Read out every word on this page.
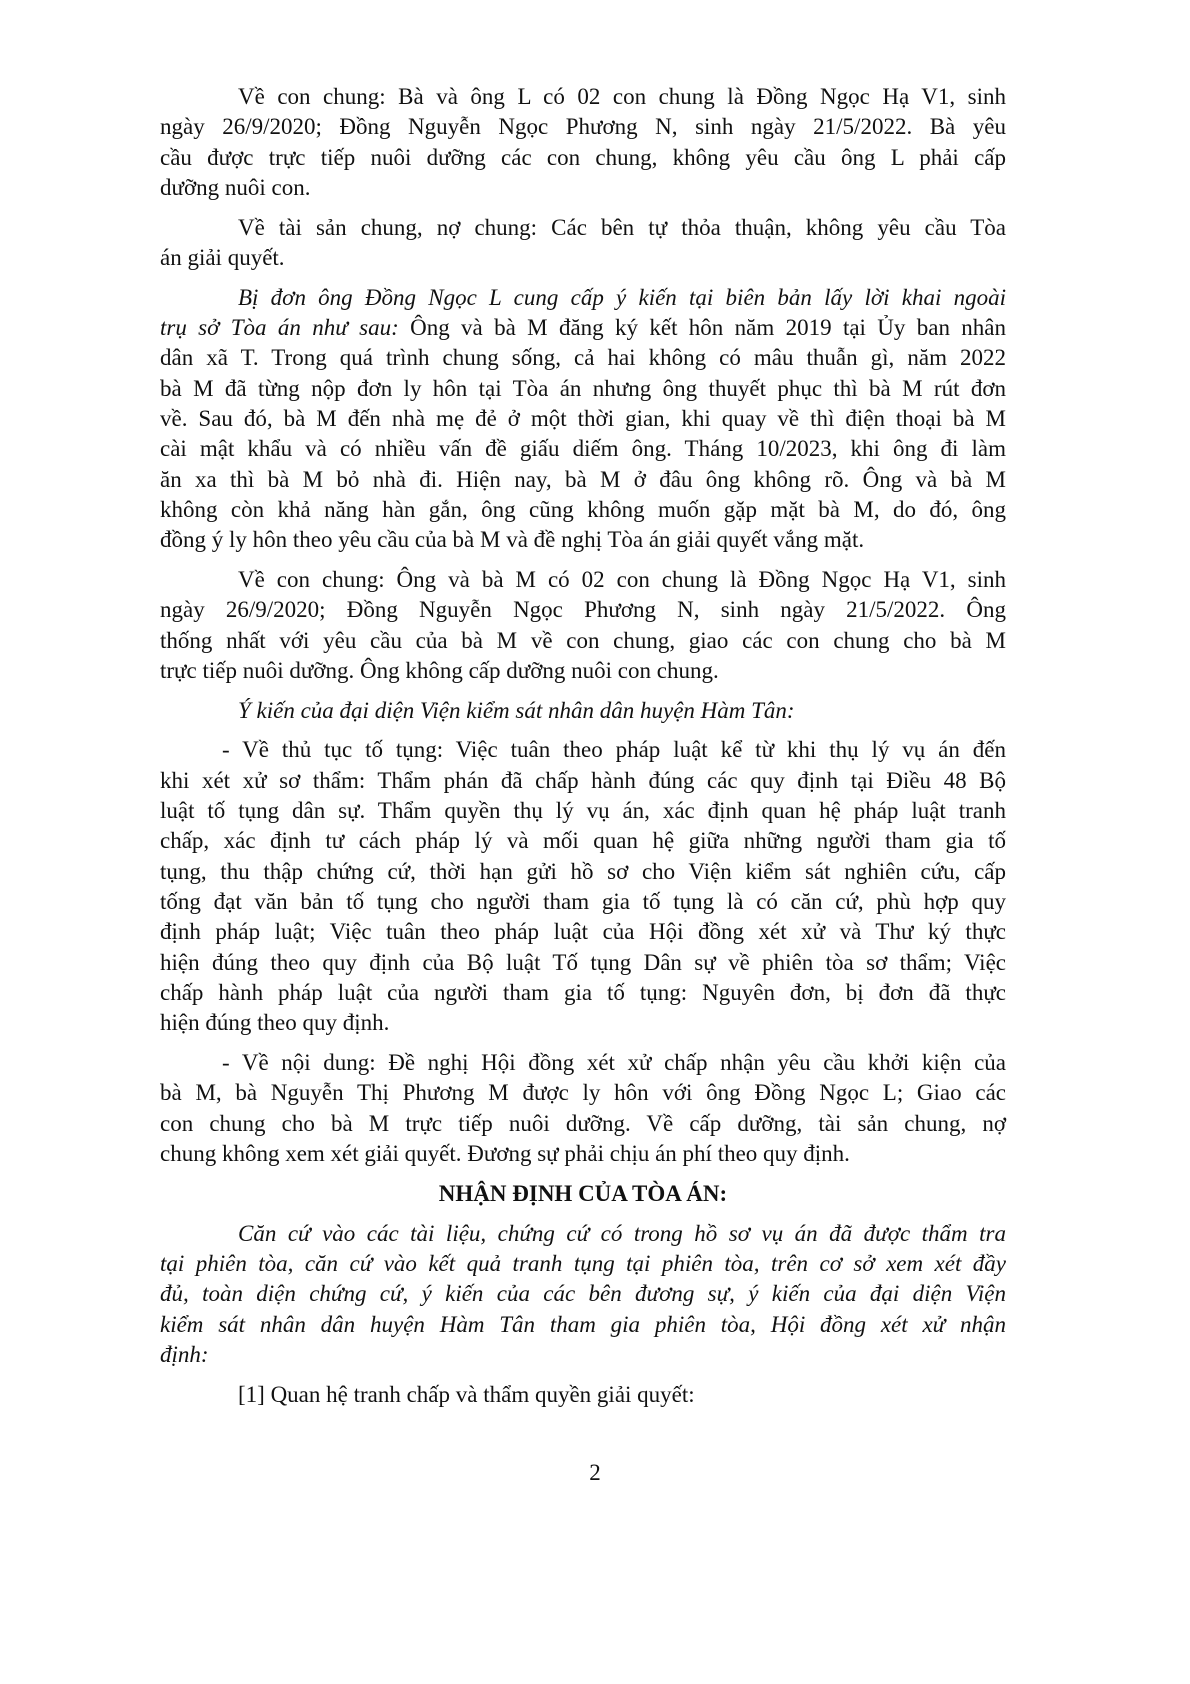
Về con chung: Bà và ông L có 02 con chung là Đồng Ngọc Hạ V1, sinh
ngày 26/9/2020; Đồng Nguyễn Ngọc Phương N, sinh ngày 21/5/2022. Bà yêu
cầu được trực tiếp nuôi dưỡng các con chung, không yêu cầu ông L phải cấp
dưỡng nuôi con.
Về tài sản chung, nợ chung: Các bên tự thỏa thuận, không yêu cầu Tòa
án giải quyết.
Bị đơn ông Đồng Ngọc L cung cấp ý kiến tại biên bản lấy lời khai ngoài
trụ sở Tòa án như sau: Ông và bà M đăng ký kết hôn năm 2019 tại Ủy ban nhân
dân xã T. Trong quá trình chung sống, cả hai không có mâu thuẫn gì, năm 2022
bà M đã từng nộp đơn ly hôn tại Tòa án nhưng ông thuyết phục thì bà M rút đơn
về. Sau đó, bà M đến nhà mẹ đẻ ở một thời gian, khi quay về thì điện thoại bà M
cài mật khẩu và có nhiều vấn đề giấu diếm ông. Tháng 10/2023, khi ông đi làm
ăn xa thì bà M bỏ nhà đi. Hiện nay, bà M ở đâu ông không rõ. Ông và bà M
không còn khả năng hàn gắn, ông cũng không muốn gặp mặt bà M, do đó, ông
đồng ý ly hôn theo yêu cầu của bà M và đề nghị Tòa án giải quyết vắng mặt.
Về con chung: Ông và bà M có 02 con chung là Đồng Ngọc Hạ V1, sinh
ngày 26/9/2020; Đồng Nguyễn Ngọc Phương N, sinh ngày 21/5/2022. Ông
thống nhất với yêu cầu của bà M về con chung, giao các con chung cho bà M
trực tiếp nuôi dưỡng. Ông không cấp dưỡng nuôi con chung.
Ý kiến của đại diện Viện kiểm sát nhân dân huyện Hàm Tân:
- Về thủ tục tố tụng: Việc tuân theo pháp luật kể từ khi thụ lý vụ án đến
khi xét xử sơ thẩm: Thẩm phán đã chấp hành đúng các quy định tại Điều 48 Bộ
luật tố tụng dân sự. Thẩm quyền thụ lý vụ án, xác định quan hệ pháp luật tranh
chấp, xác định tư cách pháp lý và mối quan hệ giữa những người tham gia tố
tụng, thu thập chứng cứ, thời hạn gửi hồ sơ cho Viện kiểm sát nghiên cứu, cấp
tống đạt văn bản tố tụng cho người tham gia tố tụng là có căn cứ, phù hợp quy
định pháp luật; Việc tuân theo pháp luật của Hội đồng xét xử và Thư ký thực
hiện đúng theo quy định của Bộ luật Tố tụng Dân sự về phiên tòa sơ thẩm; Việc
chấp hành pháp luật của người tham gia tố tụng: Nguyên đơn, bị đơn đã thực
hiện đúng theo quy định.
- Về nội dung: Đề nghị Hội đồng xét xử chấp nhận yêu cầu khởi kiện của
bà M, bà Nguyễn Thị Phương M được ly hôn với ông Đồng Ngọc L; Giao các
con chung cho bà M trực tiếp nuôi dưỡng. Về cấp dưỡng, tài sản chung, nợ
chung không xem xét giải quyết. Đương sự phải chịu án phí theo quy định.
NHẬN ĐỊNH CỦA TÒA ÁN:
Căn cứ vào các tài liệu, chứng cứ có trong hồ sơ vụ án đã được thẩm tra
tại phiên tòa, căn cứ vào kết quả tranh tụng tại phiên tòa, trên cơ sở xem xét đầy
đủ, toàn diện chứng cứ, ý kiến của các bên đương sự, ý kiến của đại diện Viện
kiểm sát nhân dân huyện Hàm Tân tham gia phiên tòa, Hội đồng xét xử nhận
định:
[1] Quan hệ tranh chấp và thẩm quyền giải quyết:
2
